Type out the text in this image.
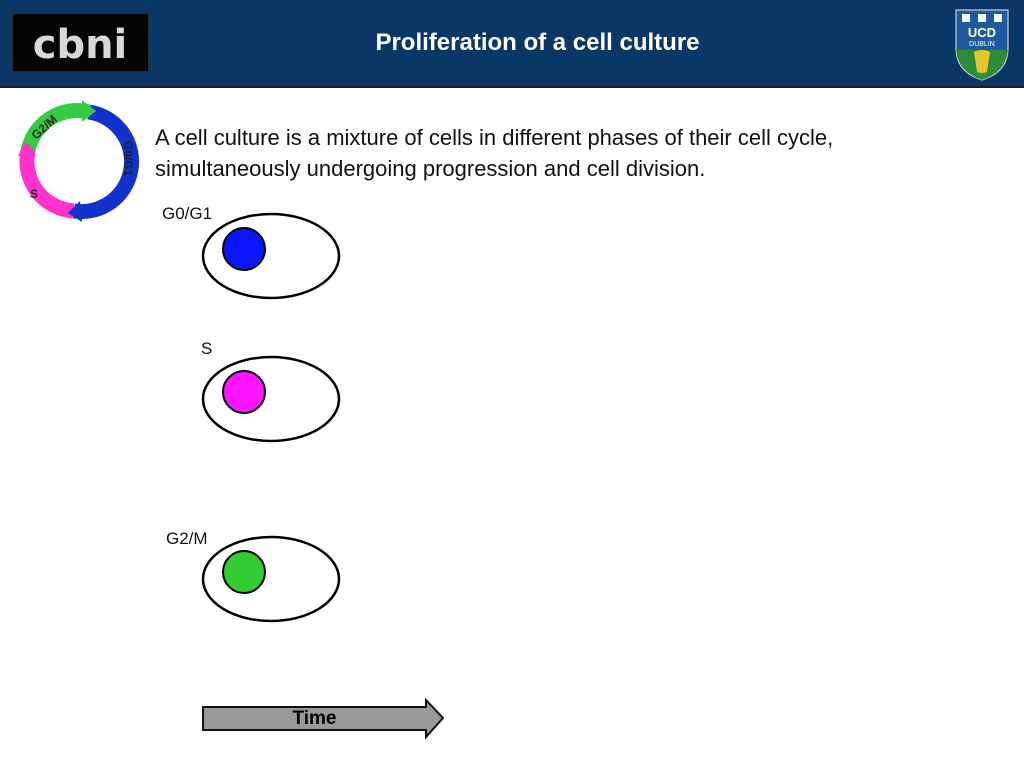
cbni	Proliferation of a cell culture	UCD
DUBLIN
G2/M
G0/G1
S
A cell culture is a mixture of cells in different phases of their cell cycle, simultaneously undergoing progression and cell division.
G0/G1
S
G2/M
Time
